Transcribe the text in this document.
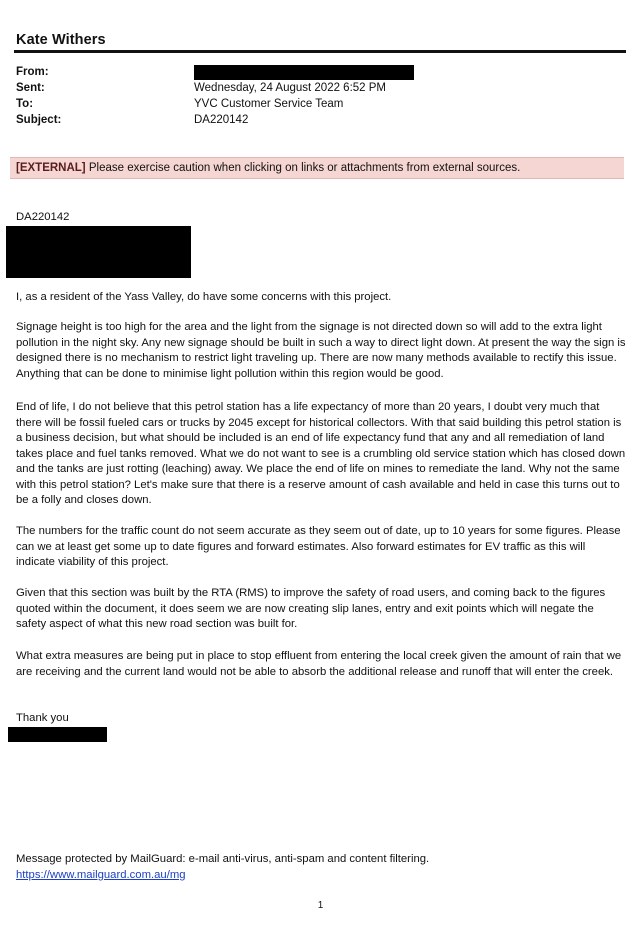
Kate Withers
From:
Sent:	Wednesday, 24 August 2022 6:52 PM
To:	YVC Customer Service Team
Subject:	DA220142
[EXTERNAL] Please exercise caution when clicking on links or attachments from external sources.
DA220142
I, as a resident of the Yass Valley, do have some concerns with this project.
Signage height is too high for the area and the light from the signage is not directed down so will add to the extra light pollution in the night sky. Any new signage should be built in such a way to direct light down. At present the way the sign is designed there is no mechanism to restrict light traveling up. There are now many methods available to rectify this issue. Anything that can be done to minimise light pollution within this region would be good.
End of life, I do not believe that this petrol station has a life expectancy of more than 20 years, I doubt very much that there will be fossil fueled cars or trucks by 2045 except for historical collectors. With that said building this petrol station is a business decision, but what should be included is an end of life expectancy fund that any and all remediation of land takes place and fuel tanks removed. What we do not want to see is a crumbling old service station which has closed down and the tanks are just rotting (leaching) away. We place the end of life on mines to remediate the land. Why not the same with this petrol station? Let's make sure that there is a reserve amount of cash available and held in case this turns out to be a folly and closes down.
The numbers for the traffic count do not seem accurate as they seem out of date, up to 10 years for some figures. Please can we at least get some up to date figures and forward estimates. Also forward estimates for EV traffic as this will indicate viability of this project.
Given that this section was built by the RTA (RMS) to improve the safety of road users, and coming back to the figures quoted within the document, it does seem we are now creating slip lanes, entry and exit points which will negate the safety aspect of what this new road section was built for.
What extra measures are being put in place to stop effluent from entering the local creek given the amount of rain that we are receiving and the current land would not be able to absorb the additional release and runoff that will enter the creek.
Thank you
Message protected by MailGuard: e-mail anti-virus, anti-spam and content filtering.
https://www.mailguard.com.au/mg
1
